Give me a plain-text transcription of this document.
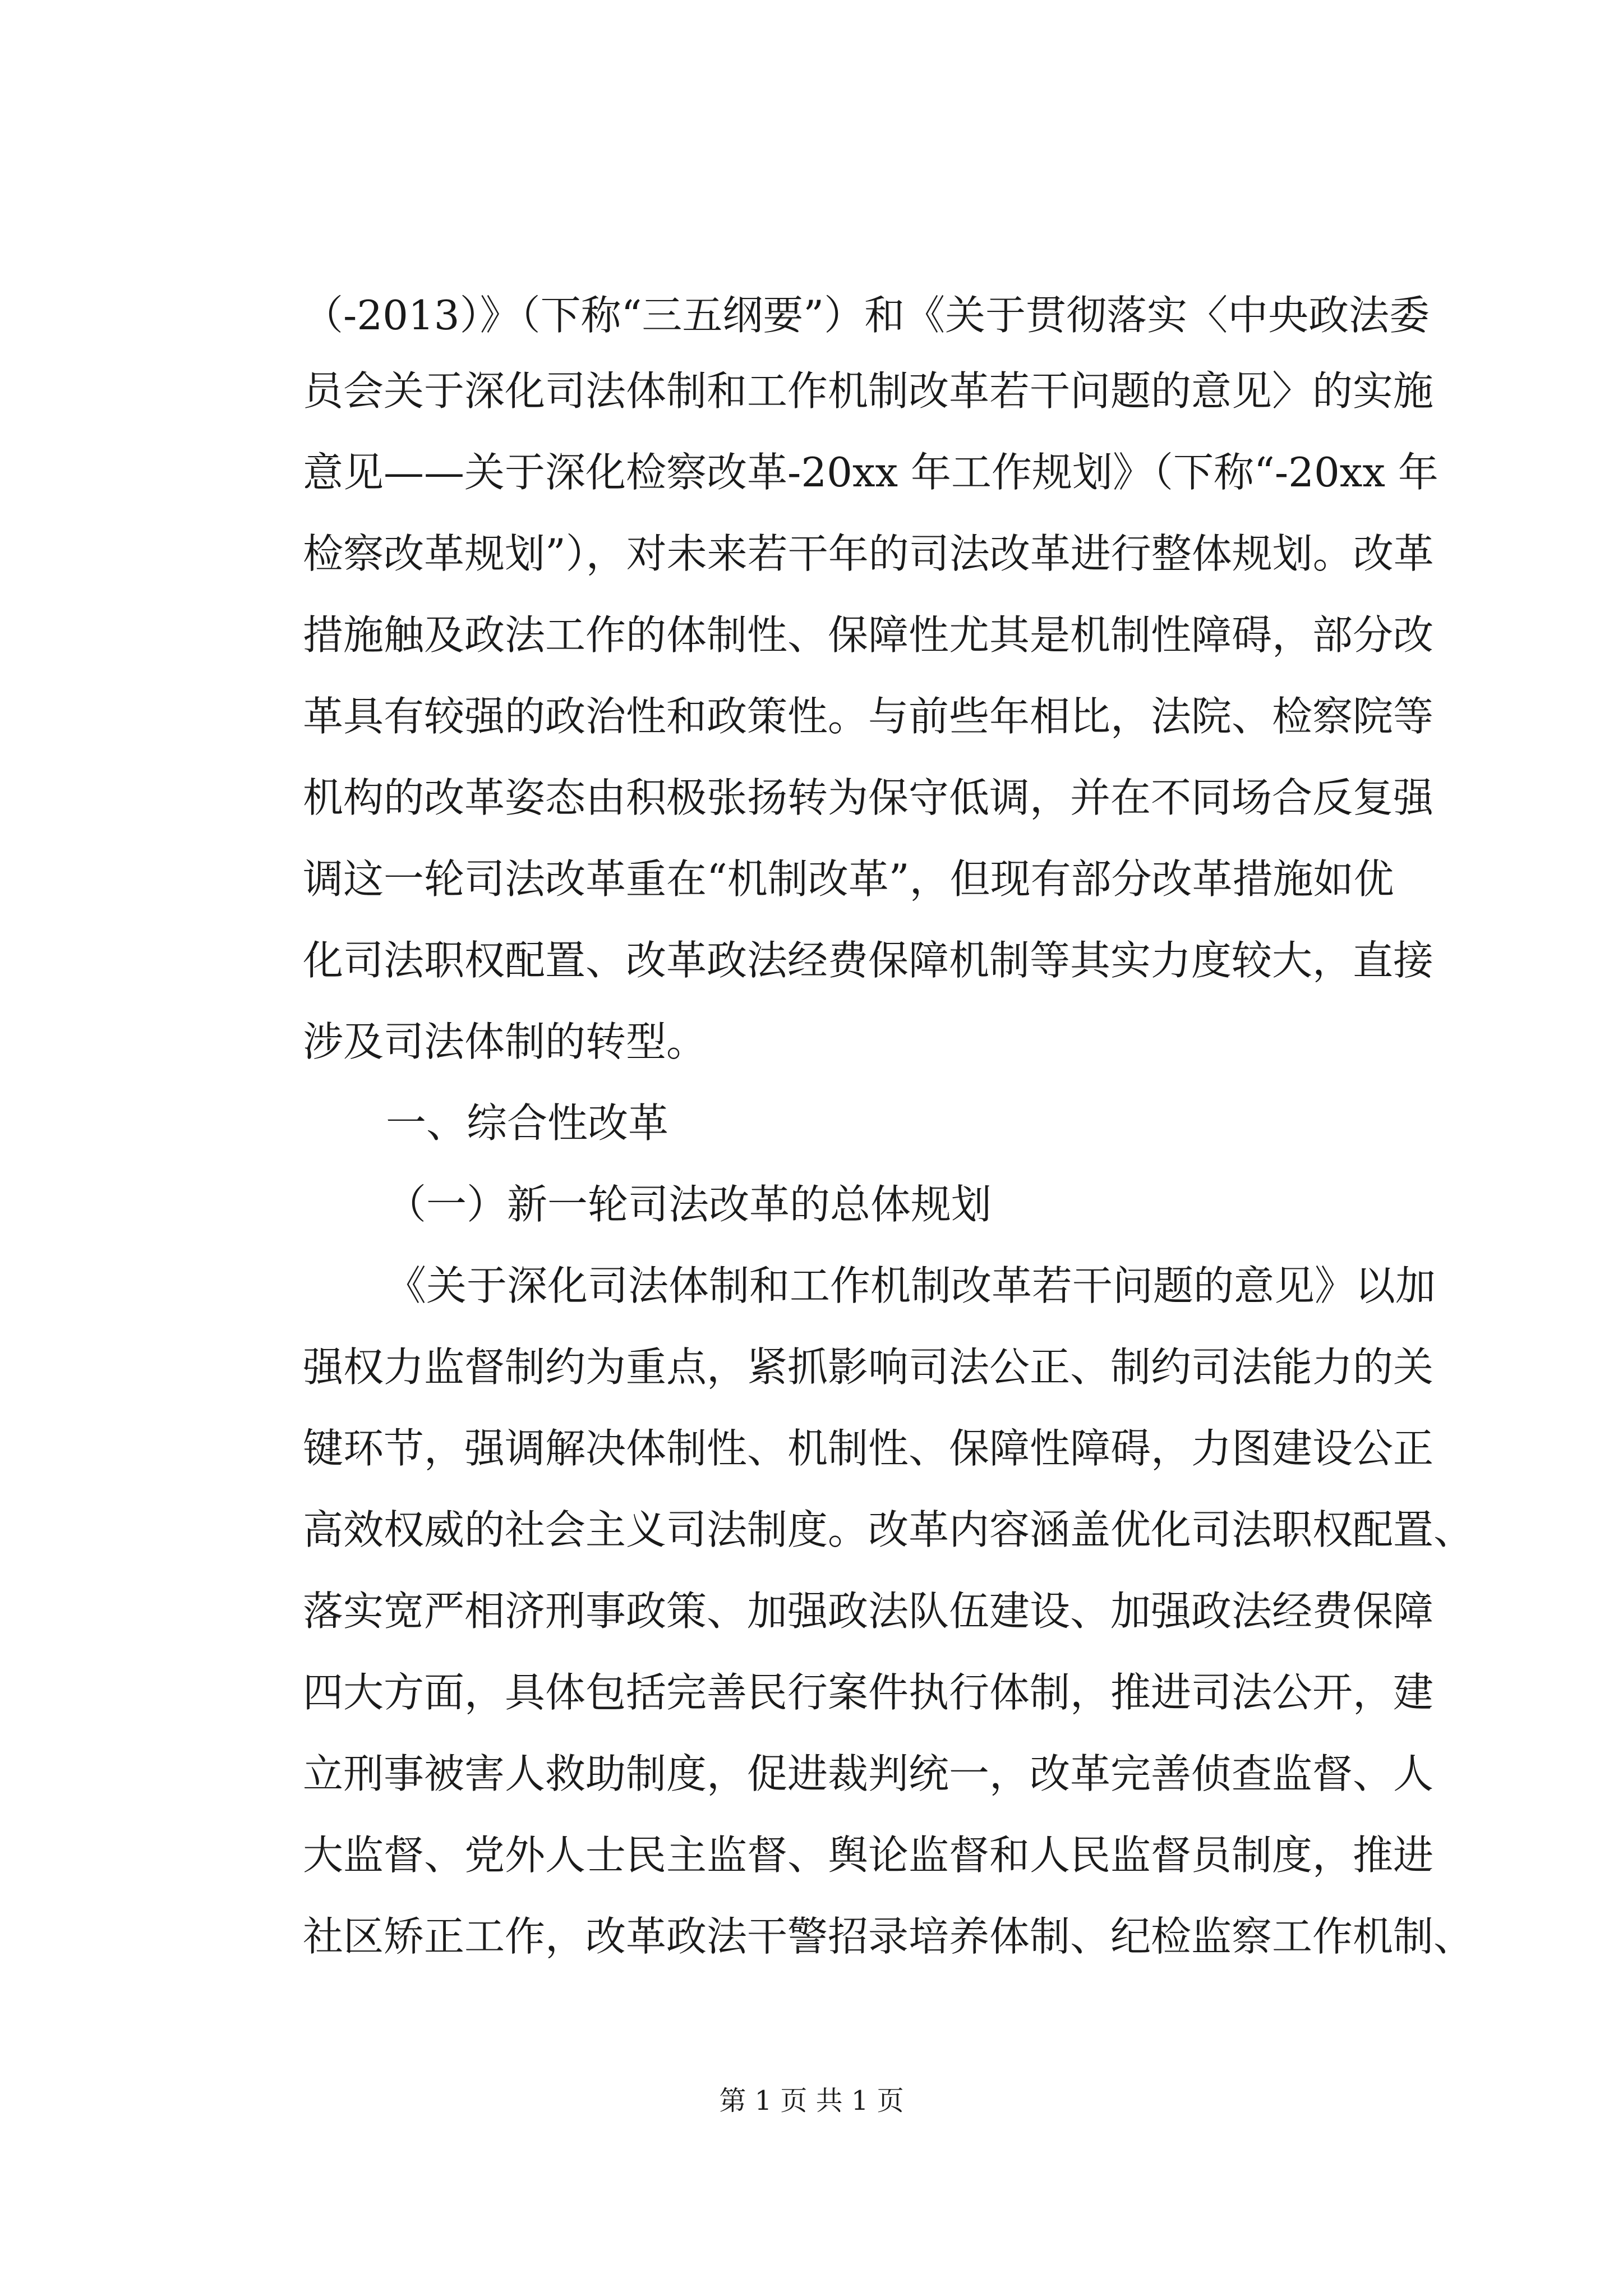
（-2013）》（下称“三五纲要”）和《关于贯彻落实〈中央政法委
员会关于深化司法体制和工作机制改革若干问题的意见〉的实施
意见——关于深化检察改革-20xx 年工作规划》（下称“-20xx 年
检察改革规划”），对未来若干年的司法改革进行整体规划。改革
措施触及政法工作的体制性、保障性尤其是机制性障碍，部分改
革具有较强的政治性和政策性。与前些年相比，法院、检察院等
机构的改革姿态由积极张扬转为保守低调，并在不同场合反复强
调这一轮司法改革重在“机制改革”，但现有部分改革措施如优
化司法职权配置、改革政法经费保障机制等其实力度较大，直接
涉及司法体制的转型。
一、综合性改革
（一）新一轮司法改革的总体规划
《关于深化司法体制和工作机制改革若干问题的意见》以加
强权力监督制约为重点，紧抓影响司法公正、制约司法能力的关
键环节，强调解决体制性、机制性、保障性障碍，力图建设公正
高效权威的社会主义司法制度。改革内容涵盖优化司法职权配置、
落实宽严相济刑事政策、加强政法队伍建设、加强政法经费保障
四大方面，具体包括完善民行案件执行体制，推进司法公开，建
立刑事被害人救助制度，促进裁判统一，改革完善侦查监督、人
大监督、党外人士民主监督、舆论监督和人民监督员制度，推进
社区矫正工作，改革政法干警招录培养体制、纪检监察工作机制、
第 1 页 共 1 页
